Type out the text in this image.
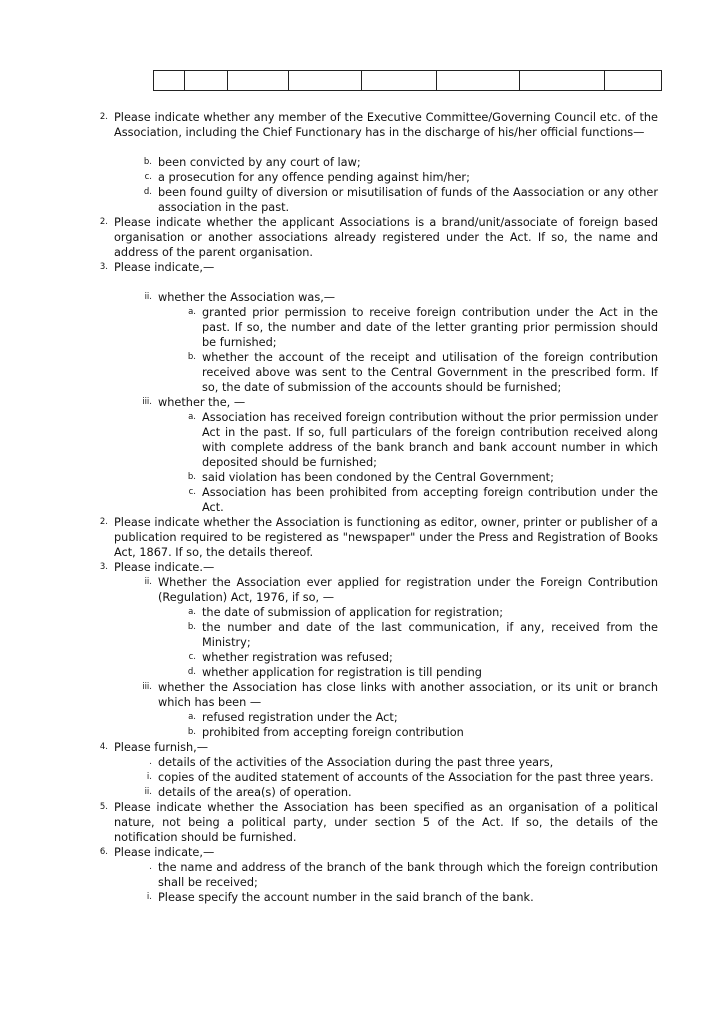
2. Please indicate whether any member of the Executive Committee/Governing Council etc. of the Association, including the Chief Functionary has in the discharge of his/her official functions—
b. been convicted by any court of law;
c. a prosecution for any offence pending against him/her;
d. been found guilty of diversion or misutilisation of funds of the Aassociation or any other association in the past.
2. Please indicate whether the applicant Associations is a brand/unit/associate of foreign based organisation or another associations already registered under the Act. If so, the name and address of the parent organisation.
3. Please indicate,—
ii. whether the Association was,—
a. granted prior permission to receive foreign contribution under the Act in the past. If so, the number and date of the letter granting prior permission should be furnished;
b. whether the account of the receipt and utilisation of the foreign contribution received above was sent to the Central Government in the prescribed form. If so, the date of submission of the accounts should be furnished;
iii. whether the, —
a. Association has received foreign contribution without the prior permission under Act in the past. If so, full particulars of the foreign contribution received along with complete address of the bank branch and bank account number in which deposited should be furnished;
b. said violation has been condoned by the Central Government;
c. Association has been prohibited from accepting foreign contribution under the Act.
2. Please indicate whether the Association is functioning as editor, owner, printer or publisher of a publication required to be registered as "newspaper" under the Press and Registration of Books Act, 1867. If so, the details thereof.
3. Please indicate.—
ii. Whether the Association ever applied for registration under the Foreign Contribution (Regulation) Act, 1976, if so, —
a. the date of submission of application for registration;
b. the number and date of the last communication, if any, received from the Ministry;
c. whether registration was refused;
d. whether application for registration is till pending
iii. whether the Association has close links with another association, or its unit or branch which has been —
a. refused registration under the Act;
b. prohibited from accepting foreign contribution
4. Please furnish,—
. details of the activities of the Association during the past three years,
i. copies of the audited statement of accounts of the Association for the past three years.
ii. details of the area(s) of operation.
5. Please indicate whether the Association has been specified as an organisation of a political nature, not being a political party, under section 5 of the Act. If so, the details of the notification should be furnished.
6. Please indicate,—
. the name and address of the branch of the bank through which the foreign contribution shall be received;
i. Please specify the account number in the said branch of the bank.
